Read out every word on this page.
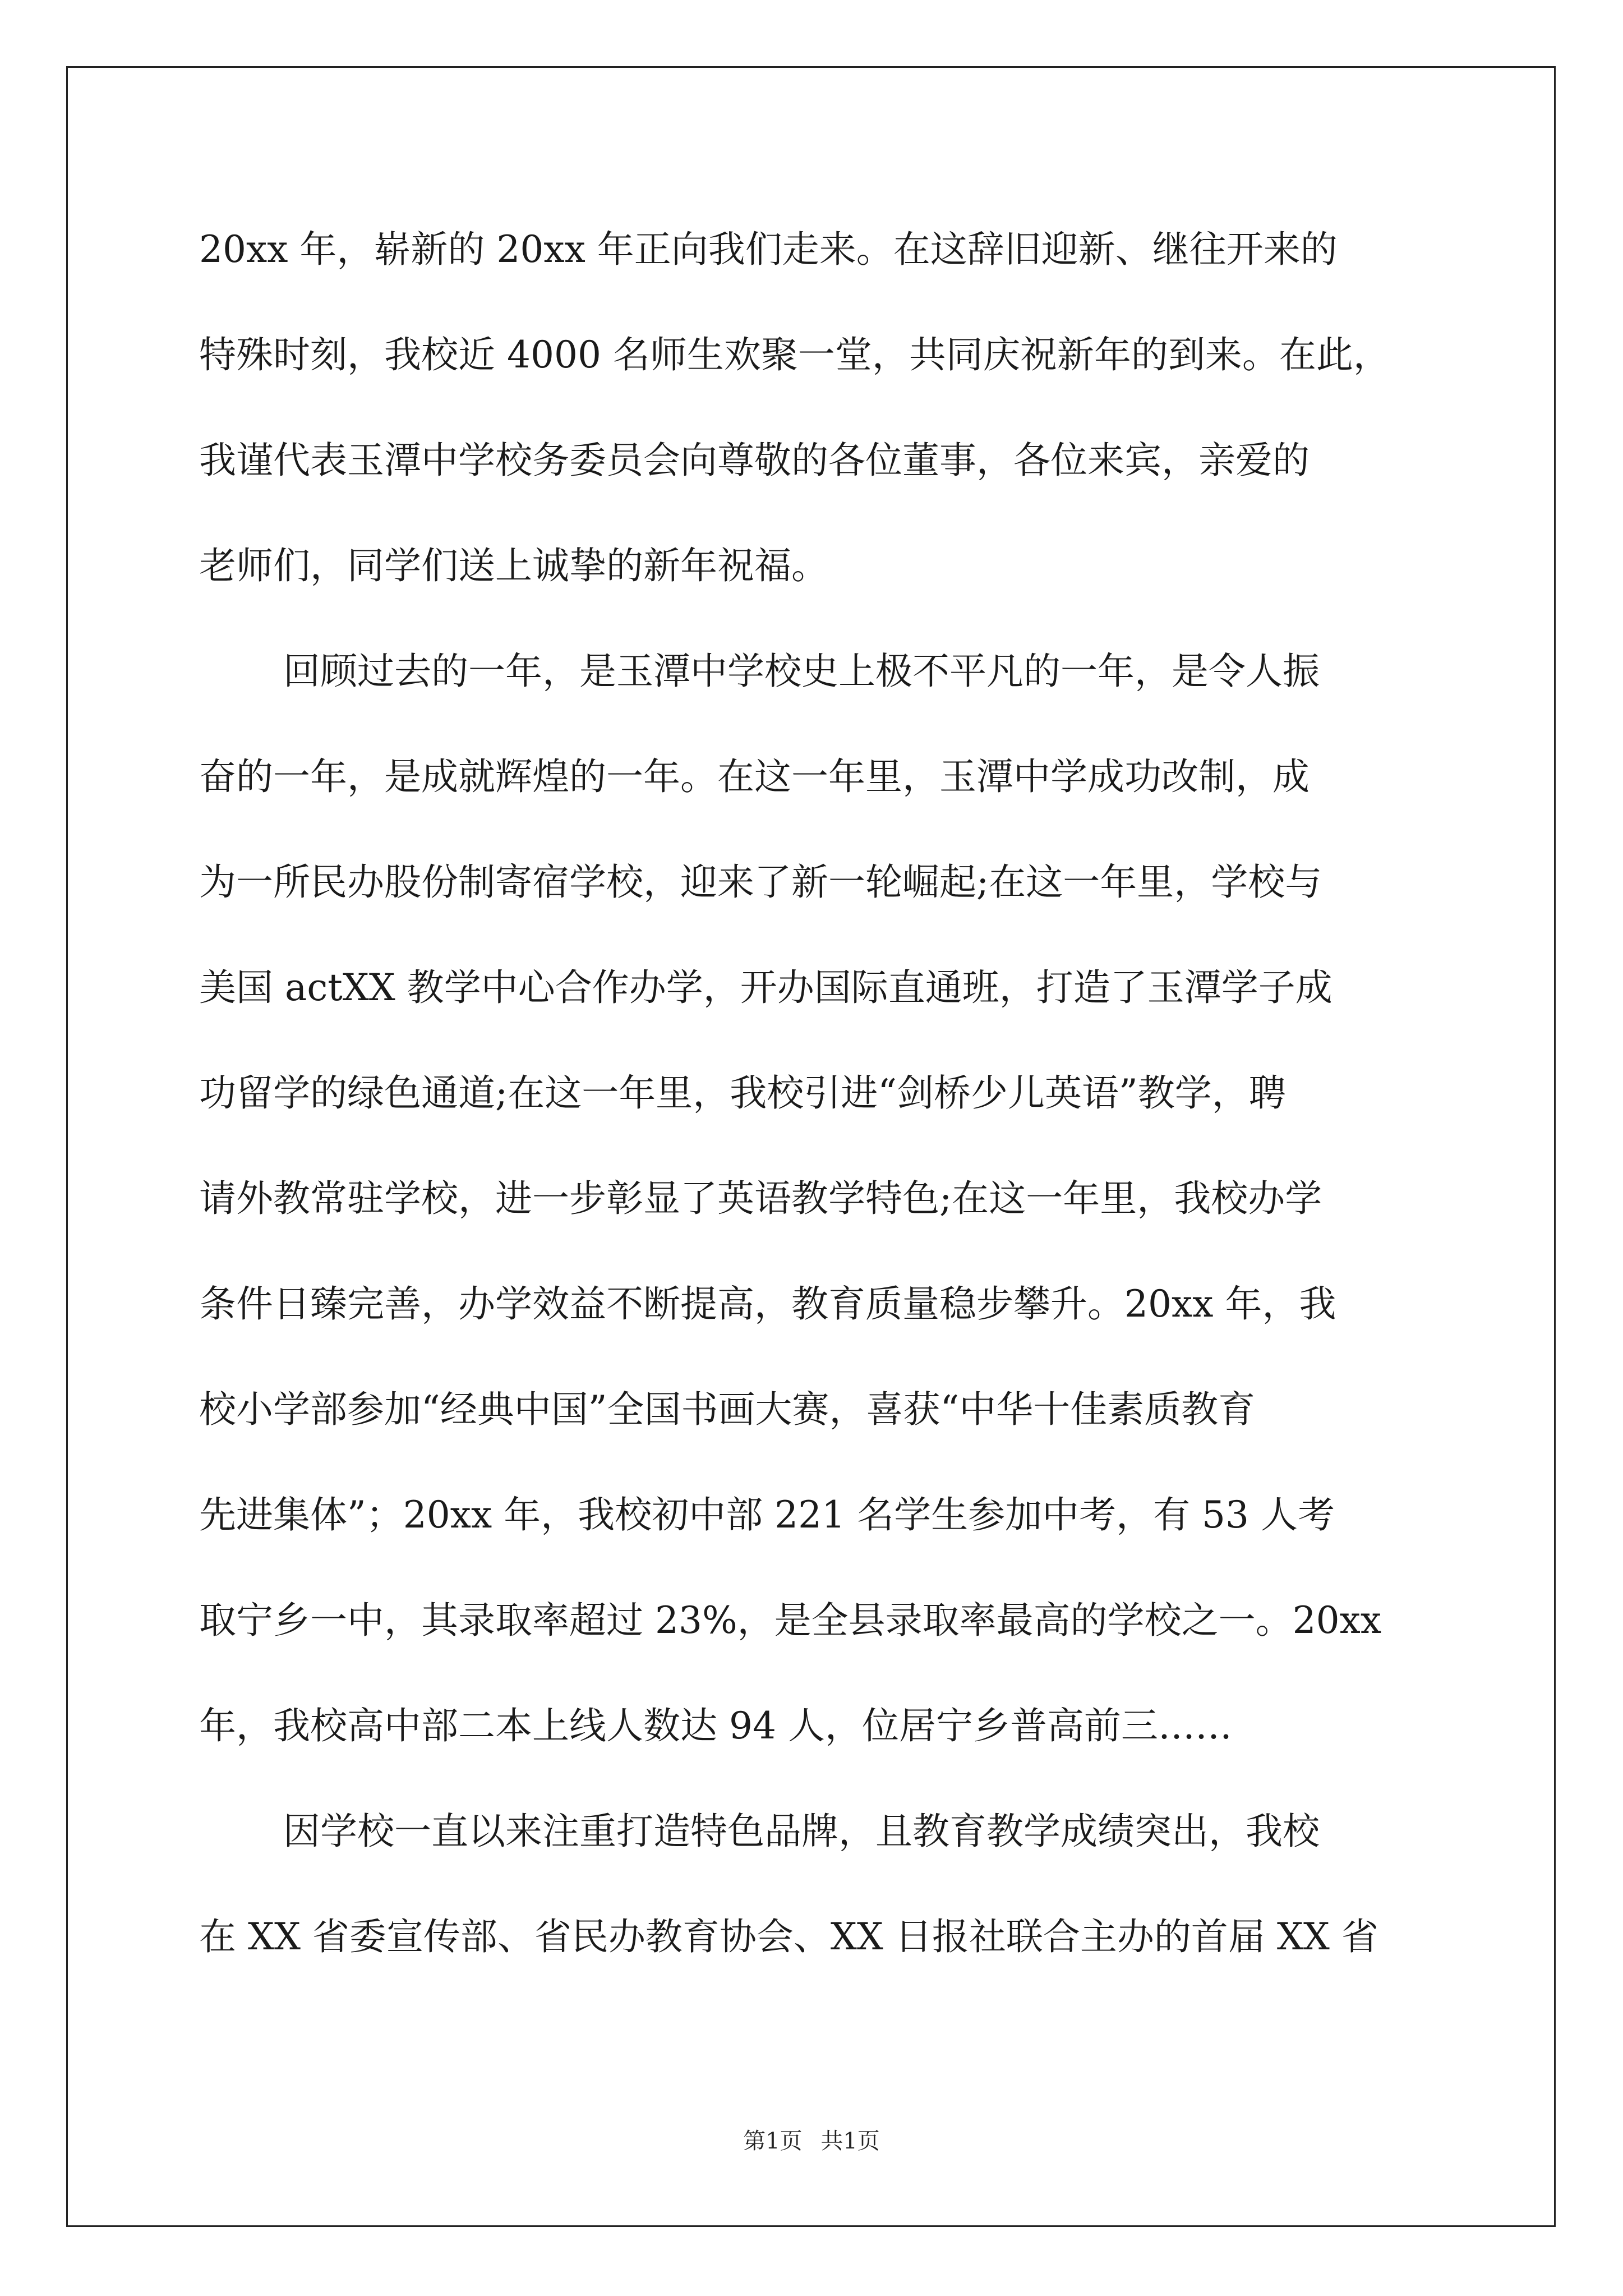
20xx 年，崭新的 20xx 年正向我们走来。在这辞旧迎新、继往开来的
特殊时刻，我校近 4000 名师生欢聚一堂，共同庆祝新年的到来。在此，
我谨代表玉潭中学校务委员会向尊敬的各位董事，各位来宾，亲爱的
老师们，同学们送上诚挚的新年祝福。
回顾过去的一年，是玉潭中学校史上极不平凡的一年，是令人振
奋的一年，是成就辉煌的一年。在这一年里，玉潭中学成功改制，成
为一所民办股份制寄宿学校，迎来了新一轮崛起;在这一年里，学校与
美国 actXX 教学中心合作办学，开办国际直通班，打造了玉潭学子成
功留学的绿色通道;在这一年里，我校引进“剑桥少儿英语”教学，聘
请外教常驻学校，进一步彰显了英语教学特色;在这一年里，我校办学
条件日臻完善，办学效益不断提高，教育质量稳步攀升。20xx 年，我
校小学部参加“经典中国”全国书画大赛，喜获“中华十佳素质教育
先进集体”；20xx 年，我校初中部 221 名学生参加中考，有 53 人考
取宁乡一中，其录取率超过 23%，是全县录取率最高的学校之一。20xx
年，我校高中部二本上线人数达 94 人，位居宁乡普高前三……
因学校一直以来注重打造特色品牌，且教育教学成绩突出，我校
在 XX 省委宣传部、省民办教育协会、XX 日报社联合主办的首届 XX 省
第1页 共1页
